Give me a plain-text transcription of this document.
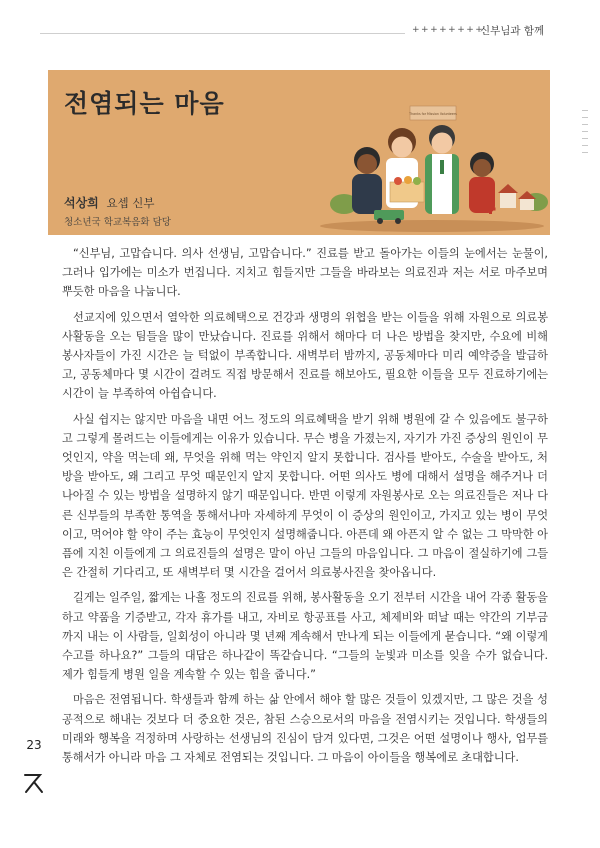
++++++++
신부님과 함께
전염되는 마음	Thanks for Mission Volunteers
석상희 요셉 신부
청소년국 학교복음화 담당

“신부님, 고맙습니다. 의사 선생님, 고맙습니다.” 진료를 받고 돌아가는 이들의 눈에서는 눈물이, 그러나 입가에는 미소가 번집니다. 지치고 힘들지만 그들을 바라보는 의료진과 저는 서로 마주보며 뿌듯한 마음을 나눕니다.

선교지에 있으면서 열악한 의료혜택으로 건강과 생명의 위협을 받는 이들을 위해 자원으로 의료봉사활동을 오는 팀들을 많이 만났습니다. 진료를 위해서 해마다 더 나은 방법을 찾지만, 수요에 비해 봉사자들이 가진 시간은 늘 턱없이 부족합니다. 새벽부터 밤까지, 공동체마다 미리 예약증을 발급하고, 공동체마다 몇 시간이 걸려도 직접 방문해서 진료를 해보아도, 필요한 이들을 모두 진료하기에는 시간이 늘 부족하여 아쉽습니다.

사실 쉽지는 않지만 마음을 내면 어느 정도의 의료혜택을 받기 위해 병원에 갈 수 있음에도 불구하고 그렇게 몰려드는 이들에게는 이유가 있습니다. 무슨 병을 가졌는지, 자기가 가진 증상의 원인이 무엇인지, 약을 먹는데 왜, 무엇을 위해 먹는 약인지 알지 못합니다. 검사를 받아도, 수술을 받아도, 처방을 받아도, 왜 그리고 무엇 때문인지 알지 못합니다. 어떤 의사도 병에 대해서 설명을 해주거나 더 나아질 수 있는 방법을 설명하지 않기 때문입니다. 반면 이렇게 자원봉사로 오는 의료진들은 저나 다른 신부들의 부족한 통역을 통해서나마 자세하게 무엇이 이 증상의 원인이고, 가지고 있는 병이 무엇이고, 먹어야 할 약이 주는 효능이 무엇인지 설명해줍니다. 아픈데 왜 아픈지 알 수 없는 그 막막한 아픔에 지친 이들에게 그 의료진들의 설명은 말이 아닌 그들의 마음입니다. 그 마음이 절실하기에 그들은 간절히 기다리고, 또 새벽부터 몇 시간을 걸어서 의료봉사진을 찾아옵니다.

길게는 일주일, 짧게는 나흘 정도의 진료를 위해, 봉사활동을 오기 전부터 시간을 내어 각종 활동을 하고 약품을 기증받고, 각자 휴가를 내고, 자비로 항공표를 사고, 체제비와 떠날 때는 약간의 기부금까지 내는 이 사람들, 일회성이 아니라 몇 년째 계속해서 만나게 되는 이들에게 묻습니다. “왜 이렇게 수고를 하나요?” 그들의 대답은 하나같이 똑같습니다. “그들의 눈빛과 미소를 잊을 수가 없습니다. 제가 힘들게 병원 일을 계속할 수 있는 힘을 줍니다.”

마음은 전염됩니다. 학생들과 함께 하는 삶 안에서 해야 할 많은 것들이 있겠지만, 그 많은 것을 성공적으로 해내는 것보다 더 중요한 것은, 참된 스승으로서의 마음을 전염시키는 것입니다. 학생들의 미래와 행복을 걱정하며 사랑하는 선생님의 진심이 담겨 있다면, 그것은 어떤 설명이나 행사, 업무를 통해서가 아니라 마음 그 자체로 전염되는 것입니다. 그 마음이 아이들을 행복에로 초대합니다.

23
